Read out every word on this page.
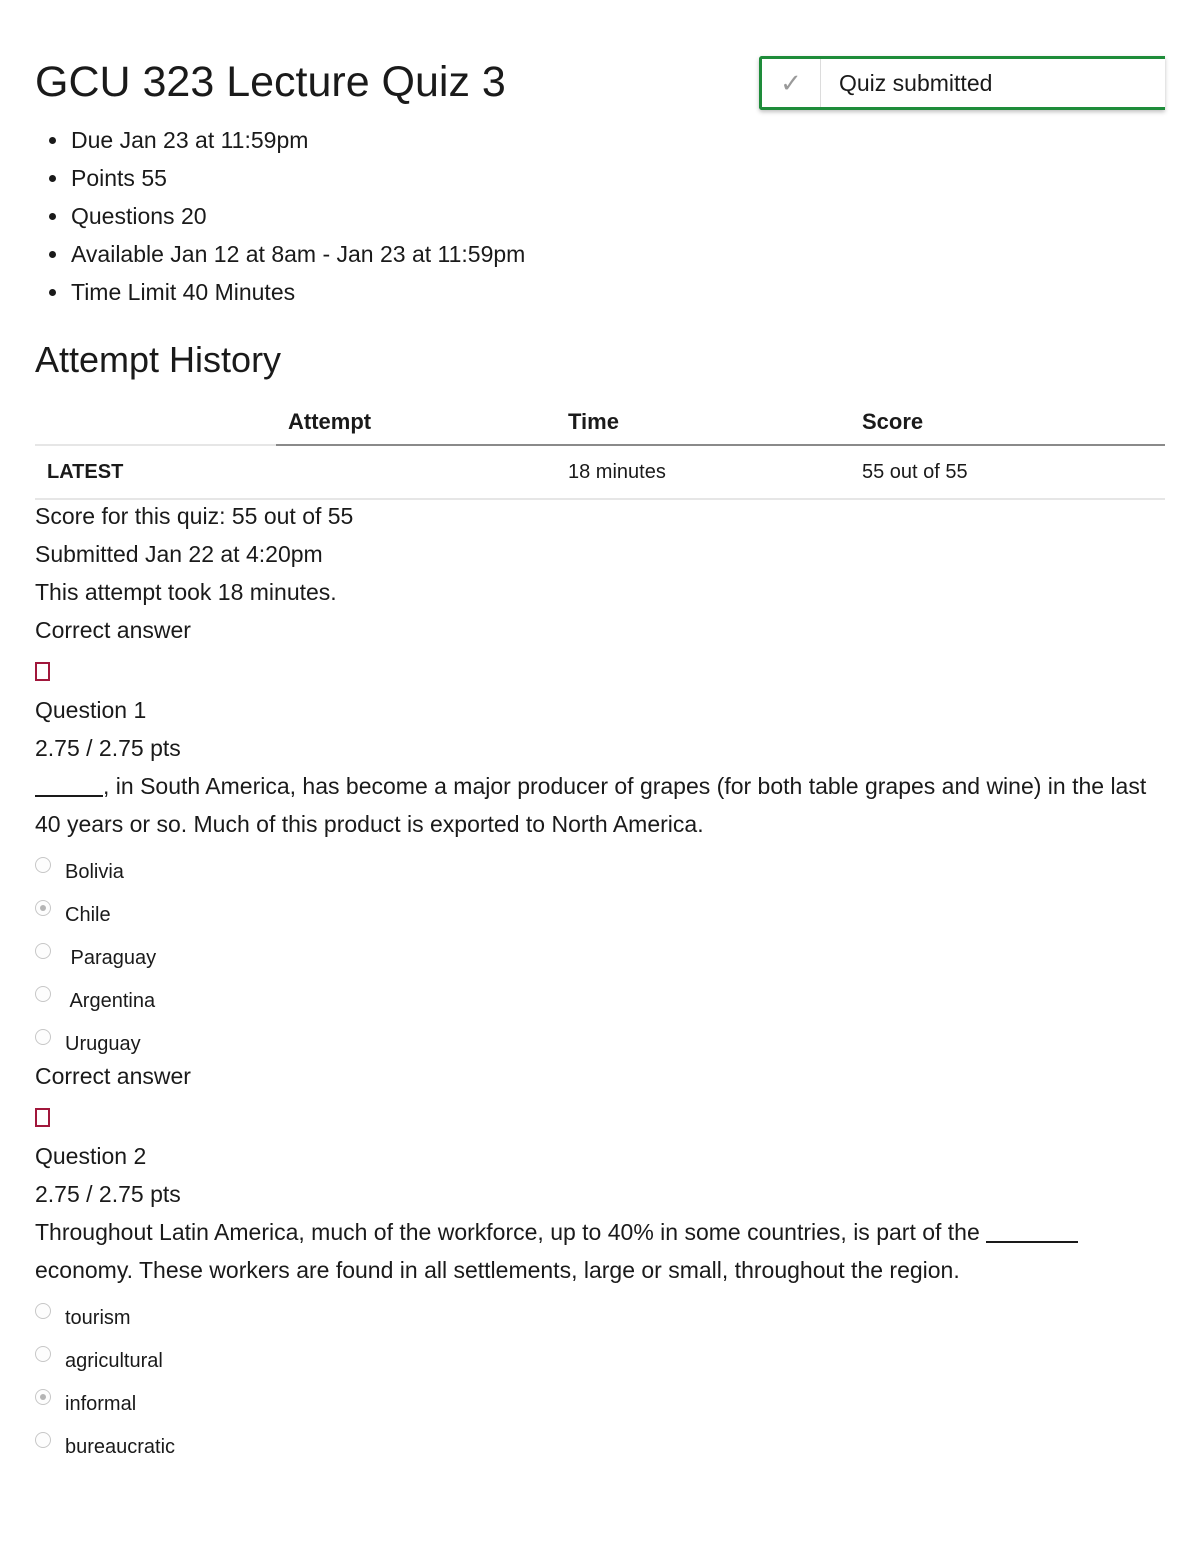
GCU 323 Lecture Quiz 3	✓	Quiz submitted
Due Jan 23 at 11:59pm
Points 55
Questions 20
Available Jan 12 at 8am - Jan 23 at 11:59pm
Time Limit 40 Minutes
Attempt History
	Attempt	Time	Score
LATEST		18 minutes	55 out of 55
Score for this quiz: 55 out of 55
Submitted Jan 22 at 4:20pm
This attempt took 18 minutes.
Correct answer
Question 1
2.75 / 2.75 pts

, in South America, has become a major producer of grapes (for both table grapes and wine) in the last 40 years or so. Much of this product is exported to North America.

Bolivia
Chile
Paraguay
Argentina
Uruguay
Correct answer
Question 2
2.75 / 2.75 pts

Throughout Latin America, much of the workforce, up to 40% in some countries, is part of the  economy. These workers are found in all settlements, large or small, throughout the region.

tourism
agricultural
informal
bureaucratic
